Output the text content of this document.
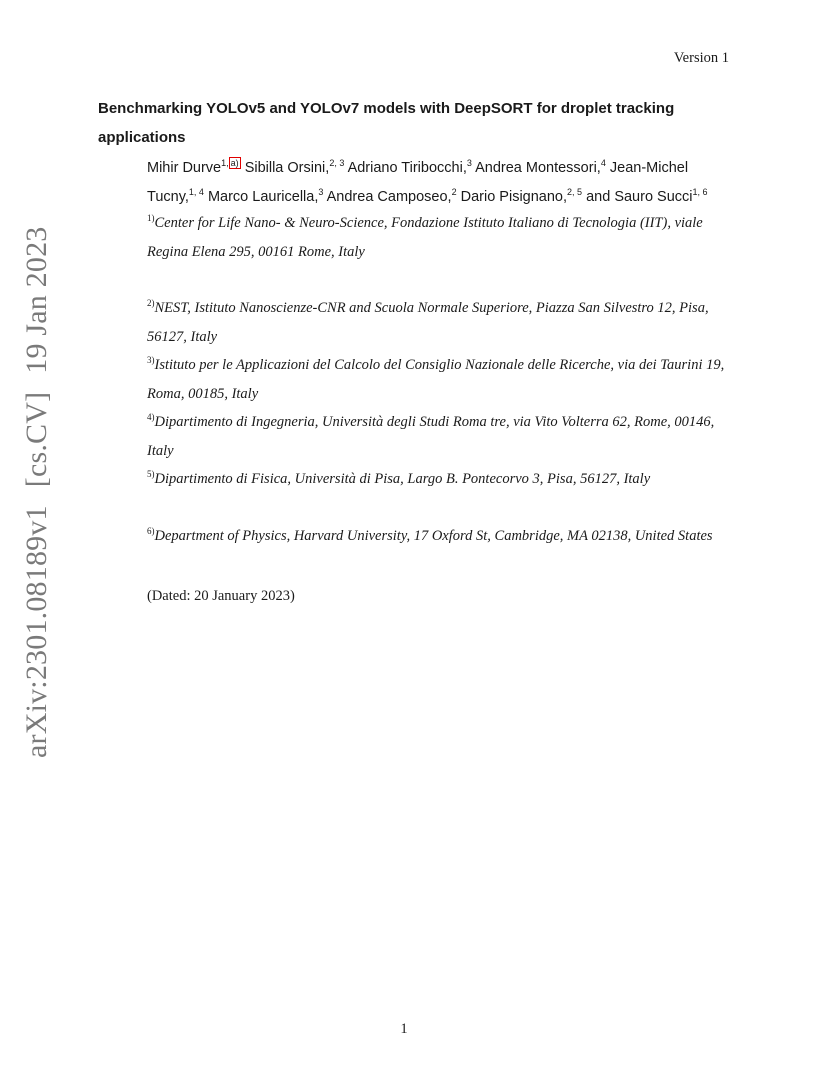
Version 1
arXiv:2301.08189v1[cs.CV]19 Jan 2023
Benchmarking YOLOv5 and YOLOv7 models with DeepSORT for droplet tracking applications
Mihir Durve$^{1,}$ $^{a)}$ Sibilla Orsini,$^{2, 3}$ Adriano Tiribocchi,$^3$ Andrea Montessori,$^4$ Jean-Michel Tucny,$^{1, 4}$ Marco Lauricella,$^3$ Andrea Camposeo,$^2$ Dario Pisignano,$^{2, 5}$ and Sauro Succi$^{1, 6}$
$^{1)}$Center for Life Nano- & Neuro-Science, Fondazione Istituto Italiano di Tecnologia (IIT), viale Regina Elena 295, 00161 Rome, Italy
$^{2)}$NEST, Istituto Nanoscienze-CNR and Scuola Normale Superiore, Piazza San Silvestro 12, Pisa, 56127, Italy
$^{3)}$Istituto per le Applicazioni del Calcolo del Consiglio Nazionale delle Ricerche, via dei Taurini 19, Roma, 00185, Italy
$^{4)}$Dipartimento di Ingegneria, Università degli Studi Roma tre, via Vito Volterra 62, Rome, 00146, Italy
$^{5)}$Dipartimento di Fisica, Università di Pisa, Largo B. Pontecorvo 3, Pisa, 56127, Italy
$^{6)}$Department of Physics, Harvard University, 17 Oxford St, Cambridge, MA 02138, United States
(Dated: 20 January 2023)
1
